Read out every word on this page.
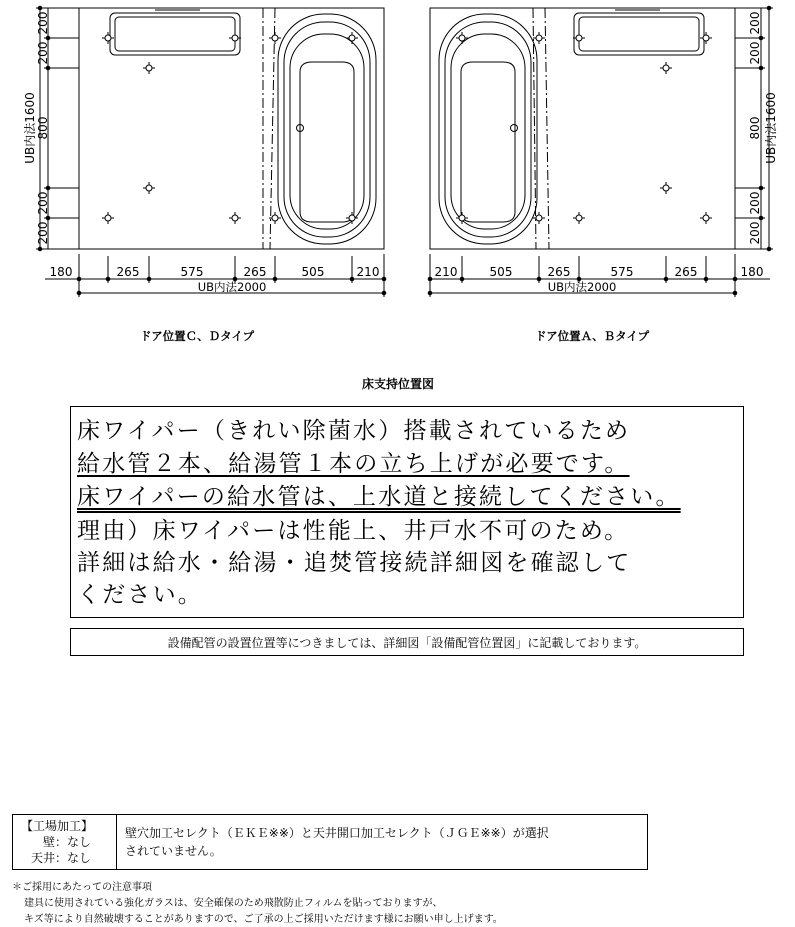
UB内法1600
200
200
800
200
200
180	265	575	265	505	210
UB内法2000
UB内法1600
200
200
800
200
200
210	505	265	575	265	180
UB内法2000
ドア位置Ｃ、Ｄタイプ	ドア位置Ａ、Ｂタイプ
床支持位置図
床ワイパー（きれい除菌水）搭載されているため
給水管２本、給湯管１本の立ち上げが必要です。
床ワイパーの給水管は、上水道と接続してください。
理由）床ワイパーは性能上、井戸水不可のため。
詳細は給水・給湯・追焚管接続詳細図を確認して
ください。
設備配管の設置位置等につきましては、詳細図「設備配管位置図」に記載しております。
【工場加工】
壁：なし
天井：なし
壁穴加工セレクト（ＥＫＥ※※）と天井開口加工セレクト（ＪＧＥ※※）が選択
されていません。
＊ご採用にあたっての注意事項
建具に使用されている強化ガラスは、安全確保のため飛散防止フィルムを貼っておりますが、
キズ等により自然破壊することがありますので、ご了承の上ご採用いただけます様にお願い申し上げます。
